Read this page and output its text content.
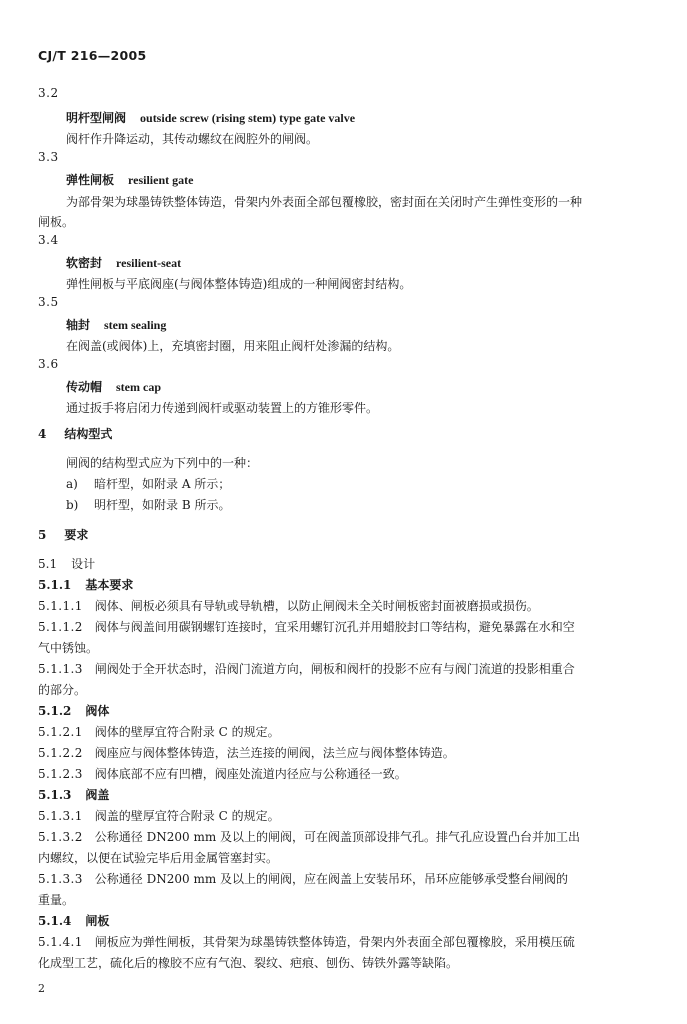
CJ/T 216—2005
3.2
明杆型闸阀 outside screw (rising stem) type gate valve
阀杆作升降运动，其传动螺纹在阀腔外的闸阀。
3.3
弹性闸板 resilient gate
为部骨架为球墨铸铁整体铸造，骨架内外表面全部包覆橡胶，密封面在关闭时产生弹性变形的一种
闸板。
3.4
软密封 resilient-seat
弹性闸板与平底阀座(与阀体整体铸造)组成的一种闸阀密封结构。
3.5
轴封 stem sealing
在阀盖(或阀体)上，充填密封圈，用来阻止阀杆处渗漏的结构。
3.6
传动帽 stem cap
通过扳手将启闭力传递到阀杆或驱动装置上的方锥形零件。
4 结构型式
闸阀的结构型式应为下列中的一种：
a) 暗杆型，如附录 A 所示；
b) 明杆型，如附录 B 所示。
5 要求
5.1 设计
5.1.1 基本要求
5.1.1.1 阀体、闸板必须具有导轨或导轨槽，以防止闸阀未全关时闸板密封面被磨损或损伤。
5.1.1.2 阀体与阀盖间用碳钢螺钉连接时，宜采用螺钉沉孔并用蜡胶封口等结构，避免暴露在水和空
气中锈蚀。
5.1.1.3 闸阀处于全开状态时，沿阀门流道方向，闸板和阀杆的投影不应有与阀门流道的投影相重合
的部分。
5.1.2 阀体
5.1.2.1 阀体的壁厚宜符合附录 C 的规定。
5.1.2.2 阀座应与阀体整体铸造，法兰连接的闸阀，法兰应与阀体整体铸造。
5.1.2.3 阀体底部不应有凹槽，阀座处流道内径应与公称通径一致。
5.1.3 阀盖
5.1.3.1 阀盖的壁厚宜符合附录 C 的规定。
5.1.3.2 公称通径 DN200 mm 及以上的闸阀，可在阀盖顶部设排气孔。排气孔应设置凸台并加工出
内螺纹，以便在试验完毕后用金属管塞封实。
5.1.3.3 公称通径 DN200 mm 及以上的闸阀，应在阀盖上安装吊环，吊环应能够承受整台闸阀的
重量。
5.1.4 闸板
5.1.4.1 闸板应为弹性闸板，其骨架为球墨铸铁整体铸造，骨架内外表面全部包覆橡胶，采用模压硫
化成型工艺，硫化后的橡胶不应有气泡、裂纹、疤痕、刨伤、铸铁外露等缺陷。
2
